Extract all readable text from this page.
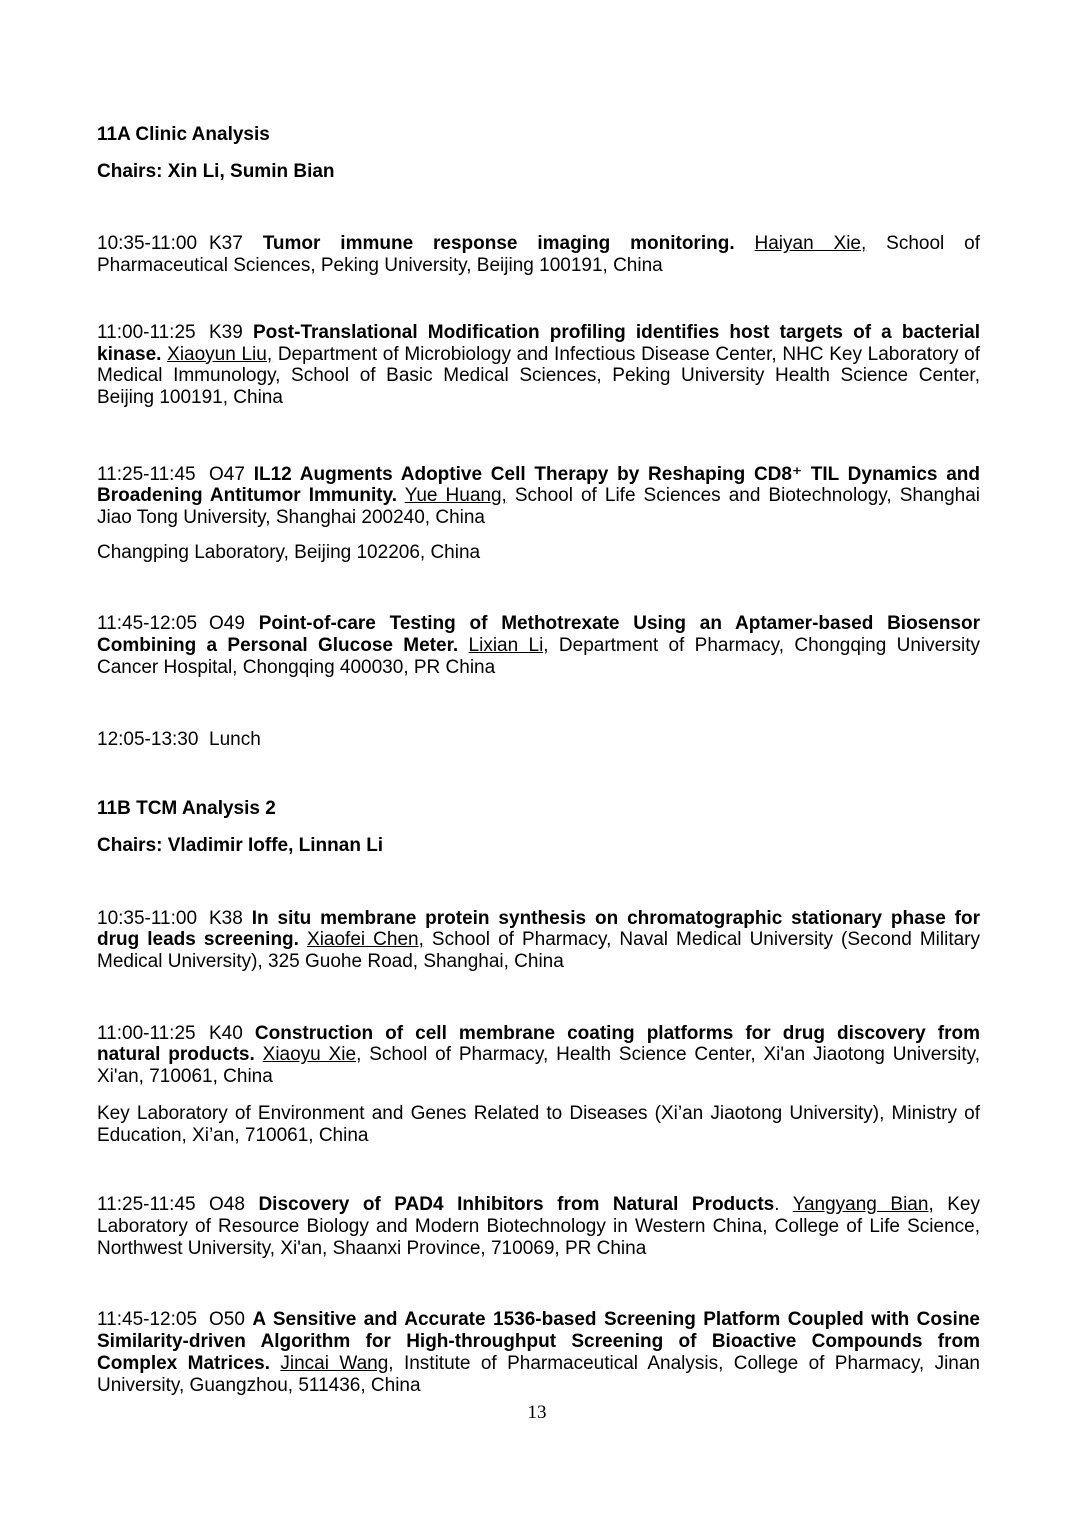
11A Clinic Analysis

Chairs: Xin Li, Sumin Bian

10:35-11:00 K37 Tumor immune response imaging monitoring. Haiyan Xie, School of Pharmaceutical Sciences, Peking University, Beijing 100191, China

11:00-11:25 K39 Post-Translational Modification profiling identifies host targets of a bacterial kinase. Xiaoyun Liu, Department of Microbiology and Infectious Disease Center, NHC Key Laboratory of Medical Immunology, School of Basic Medical Sciences, Peking University Health Science Center, Beijing 100191, China

11:25-11:45 O47 IL12 Augments Adoptive Cell Therapy by Reshaping CD8⁺ TIL Dynamics and Broadening Antitumor Immunity. Yue Huang, School of Life Sciences and Biotechnology, Shanghai Jiao Tong University, Shanghai 200240, China

Changping Laboratory, Beijing 102206, China

11:45-12:05 O49 Point-of-care Testing of Methotrexate Using an Aptamer-based Biosensor Combining a Personal Glucose Meter. Lixian Li, Department of Pharmacy, Chongqing University Cancer Hospital, Chongqing 400030, PR China

12:05-13:30 Lunch

11B TCM Analysis 2

Chairs: Vladimir Ioffe, Linnan Li

10:35-11:00 K38 In situ membrane protein synthesis on chromatographic stationary phase for drug leads screening. Xiaofei Chen, School of Pharmacy, Naval Medical University (Second Military Medical University), 325 Guohe Road, Shanghai, China

11:00-11:25 K40 Construction of cell membrane coating platforms for drug discovery from natural products. Xiaoyu Xie, School of Pharmacy, Health Science Center, Xi'an Jiaotong University, Xi'an, 710061, China

Key Laboratory of Environment and Genes Related to Diseases (Xi’an Jiaotong University), Ministry of Education, Xi’an, 710061, China

11:25-11:45 O48 Discovery of PAD4 Inhibitors from Natural Products. Yangyang Bian, Key Laboratory of Resource Biology and Modern Biotechnology in Western China, College of Life Science, Northwest University, Xi'an, Shaanxi Province, 710069, PR China

11:45-12:05 O50 A Sensitive and Accurate 1536-based Screening Platform Coupled with Cosine Similarity-driven Algorithm for High-throughput Screening of Bioactive Compounds from Complex Matrices. Jincai Wang, Institute of Pharmaceutical Analysis, College of Pharmacy, Jinan University, Guangzhou, 511436, China

13
